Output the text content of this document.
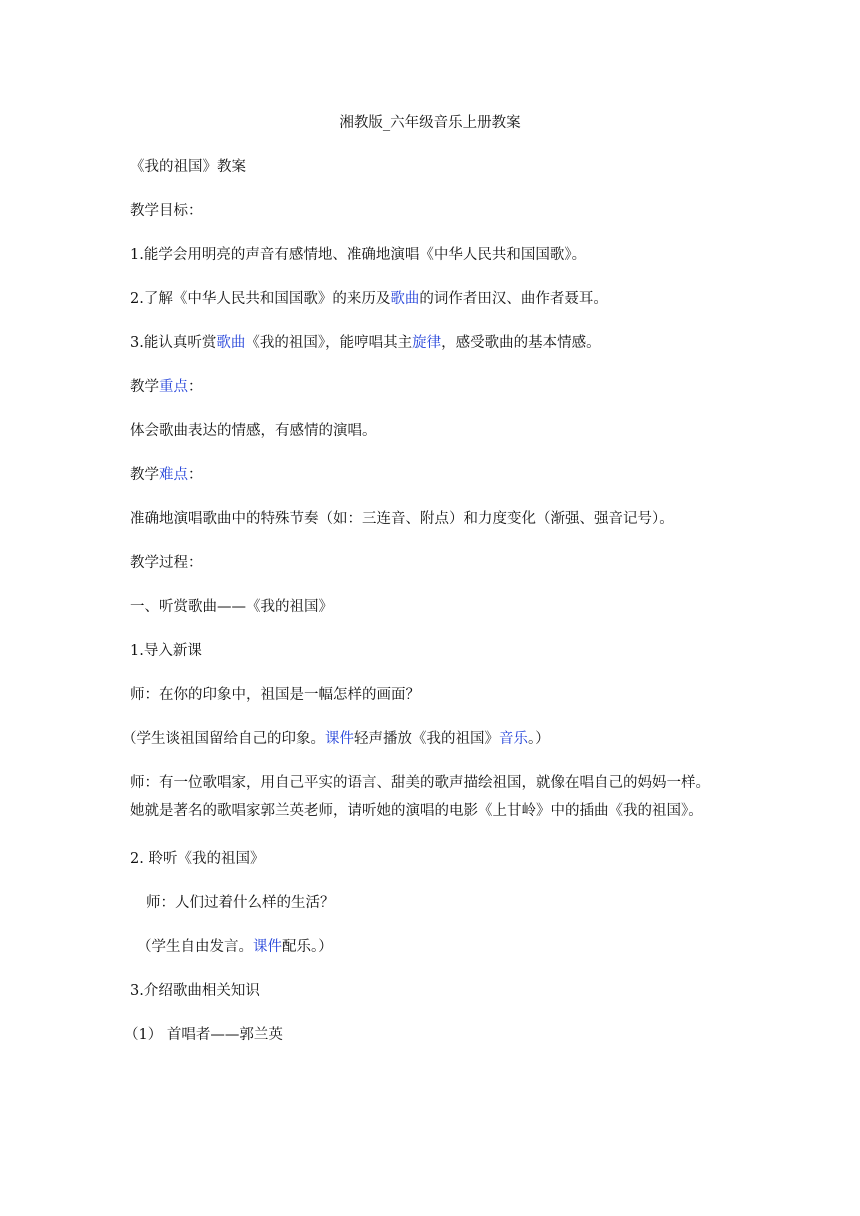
湘教版_六年级音乐上册教案
《我的祖国》教案
教学目标：
1.能学会用明亮的声音有感情地、准确地演唱《中华人民共和国国歌》。
2.了解《中华人民共和国国歌》的来历及歌曲的词作者田汉、曲作者聂耳。
3.能认真听赏歌曲《我的祖国》，能哼唱其主旋律，感受歌曲的基本情感。
教学重点：
体会歌曲表达的情感，有感情的演唱。
教学难点：
准确地演唱歌曲中的特殊节奏（如：三连音、附点）和力度变化（渐强、强音记号）。
教学过程：
一、听赏歌曲——《我的祖国》
1.导入新课
师：在你的印象中，祖国是一幅怎样的画面？
（学生谈祖国留给自己的印象。课件轻声播放《我的祖国》音乐。）
师：有一位歌唱家，用自己平实的语言、甜美的歌声描绘祖国，就像在唱自己的妈妈一样。
她就是著名的歌唱家郭兰英老师，请听她的演唱的电影《上甘岭》中的插曲《我的祖国》。
2. 聆听《我的祖国》
师：人们过着什么样的生活？
（学生自由发言。课件配乐。）
3.介绍歌曲相关知识
（1） 首唱者——郭兰英
